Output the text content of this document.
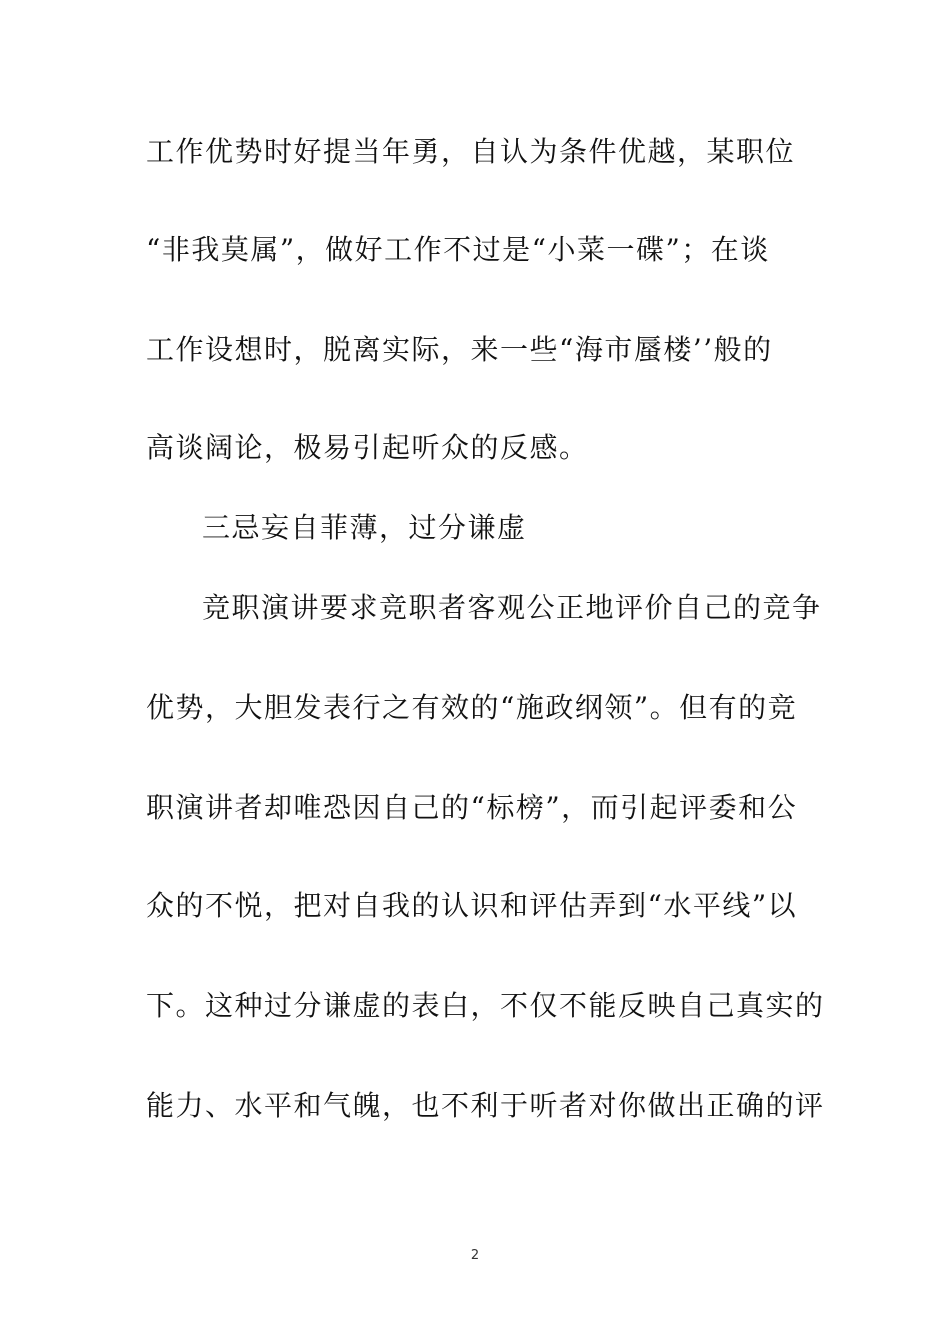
工作优势时好提当年勇，自认为条件优越，某职位
“非我莫属”，做好工作不过是“小菜一碟”；在谈
工作设想时，脱离实际，来一些“海市蜃楼’’般的
高谈阔论，极易引起听众的反感。
三忌妄自菲薄，过分谦虚
竞职演讲要求竞职者客观公正地评价自己的竞争
优势，大胆发表行之有效的“施政纲领”。但有的竞
职演讲者却唯恐因自己的“标榜”，而引起评委和公
众的不悦，把对自我的认识和评估弄到“水平线”以
下。这种过分谦虚的表白，不仅不能反映自己真实的
能力、水平和气魄，也不利于听者对你做出正确的评
2
